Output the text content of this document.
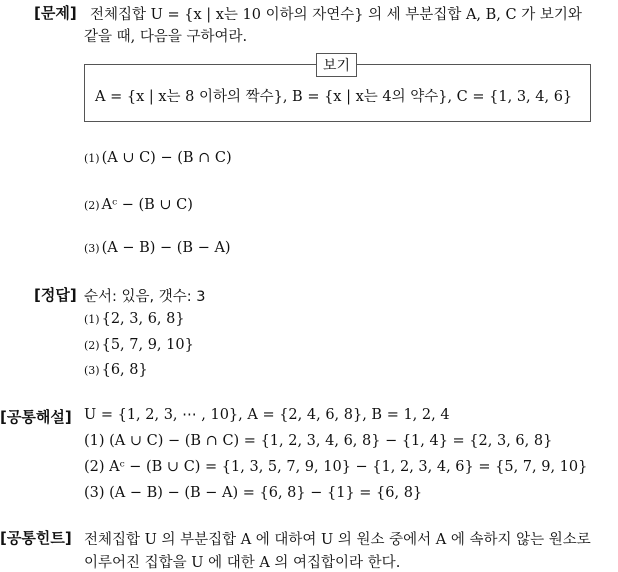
[문제] 전체집합 U = {x | x는 10 이하의 자연수} 의 세 부분집합 A, B, C 가 보기와
같을 때, 다음을 구하여라.
A = {x | x는 8 이하의 짝수}, B = {x | x는 4의 약수}, C = {1, 3, 4, 6}
보기
(1) (A ∪ C) − (B ∩ C)
(2) Aᶜ − (B ∪ C)
(3) (A − B) − (B − A)
[정답] 순서: 있음, 갯수: 3
(1) {2, 3, 6, 8}
(2) {5, 7, 9, 10}
(3) {6, 8}
[공통해설] U = {1, 2, 3, ⋯ , 10}, A = {2, 4, 6, 8}, B = 1, 2, 4
(1) (A ∪ C) − (B ∩ C) = {1, 2, 3, 4, 6, 8} − {1, 4} = {2, 3, 6, 8}
(2) Aᶜ − (B ∪ C) = {1, 3, 5, 7, 9, 10} − {1, 2, 3, 4, 6} = {5, 7, 9, 10}
(3) (A − B) − (B − A) = {6, 8} − {1} = {6, 8}
[공통힌트] 전체집합 U 의 부분집합 A 에 대하여 U 의 원소 중에서 A 에 속하지 않는 원소로
이루어진 집합을 U 에 대한 A 의 여집합이라 한다.
